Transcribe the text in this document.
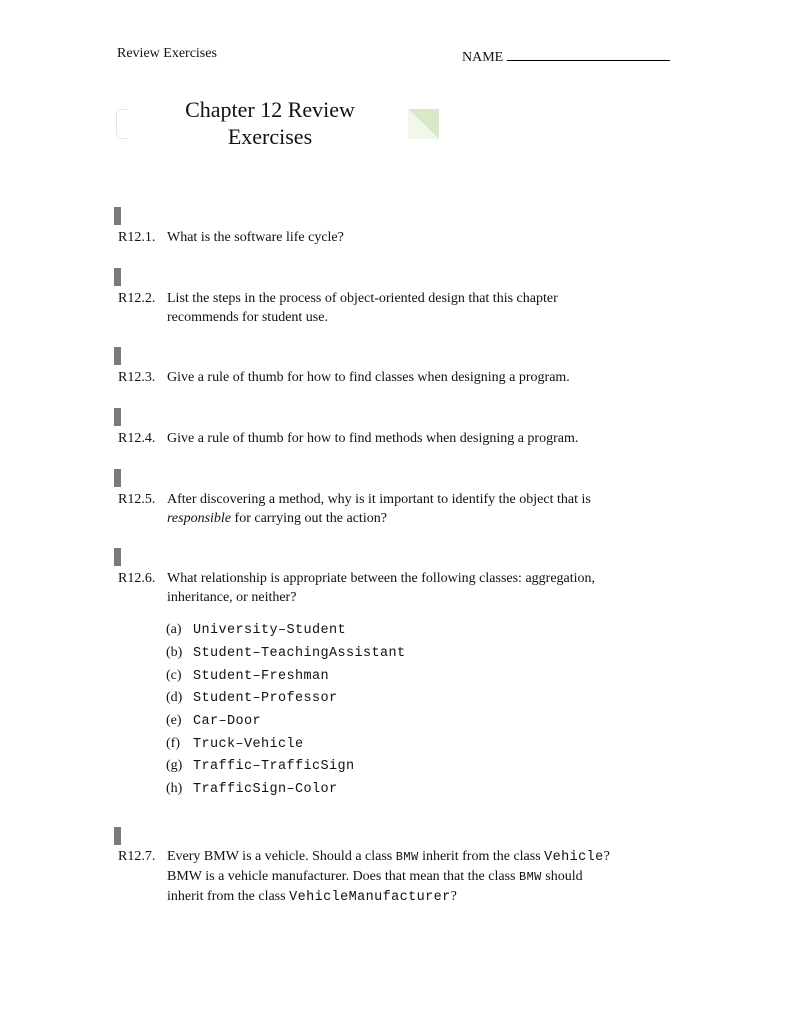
Review Exercises	NAME
Chapter 12 Review
Exercises
R12.1. What is the software life cycle?
R12.2. List the steps in the process of object-oriented design that this chapter
recommends for student use.
R12.3. Give a rule of thumb for how to find classes when designing a program.
R12.4. Give a rule of thumb for how to find methods when designing a program.
R12.5. After discovering a method, why is it important to identify the object that is
responsible for carrying out the action?
R12.6. What relationship is appropriate between the following classes: aggregation,
inheritance, or neither?
(a) University–Student
(b) Student–TeachingAssistant
(c) Student–Freshman
(d) Student–Professor
(e) Car–Door
(f) Truck–Vehicle
(g) Traffic–TrafficSign
(h) TrafficSign–Color
R12.7. Every BMW is a vehicle. Should a class BMW inherit from the class Vehicle?
BMW is a vehicle manufacturer. Does that mean that the class BMW should
inherit from the class VehicleManufacturer?
